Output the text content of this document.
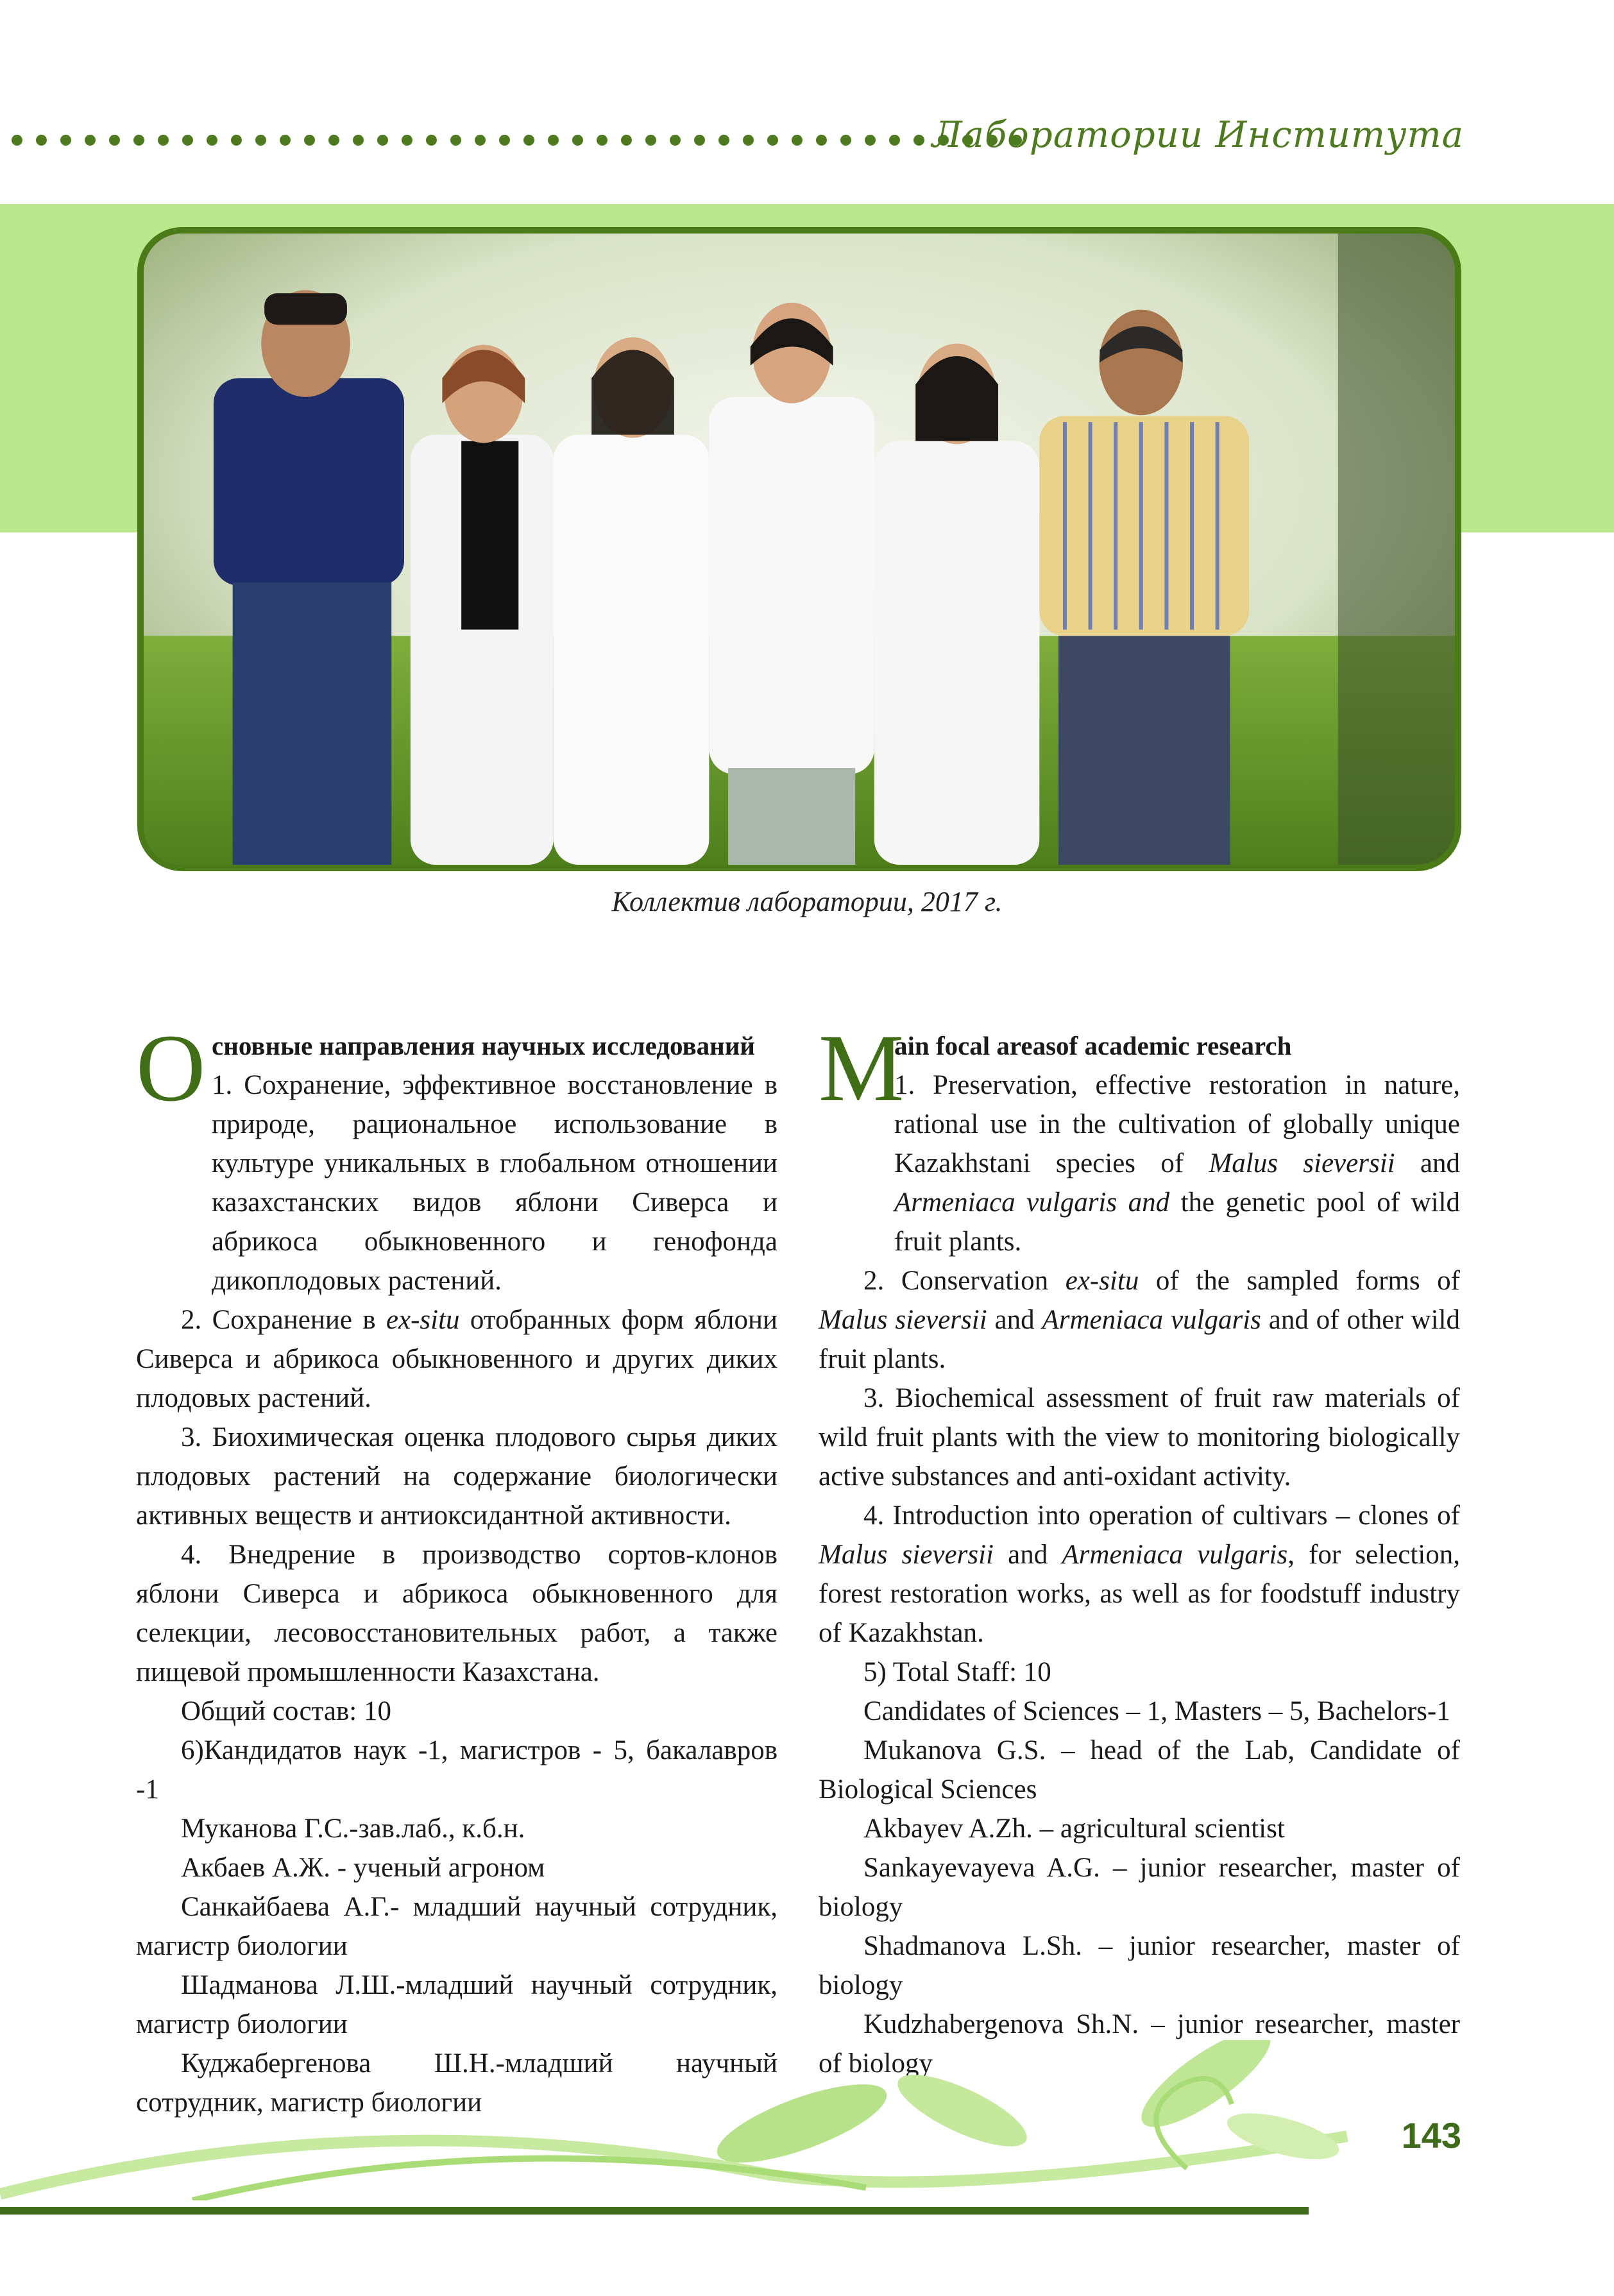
Лаборатории Института
Коллектив лаборатории, 2017 г.
О сновные направления научных исследований

1. Сохранение, эффективное восстановление в природе, рациональное использование в культуре уникальных в глобальном отношении казахстанских видов яблони Сиверса и абрикоса обыкновенного и генофонда дикоплодовых растений.

2. Сохранение в ex-situ отобранных форм яблони Сиверса и абрикоса обыкновенного и других диких плодовых растений.

3. Биохимическая оценка плодового сырья диких плодовых растений на содержание биологически активных веществ и антиоксидантной активности.

4. Внедрение в производство сортов-клонов яблони Сиверса и абрикоса обыкновенного для селекции, лесовосстановительных работ, а также пищевой промышленности Казахстана.

Общий состав: 10

6)Кандидатов наук -1, магистров - 5, бакалавров -1

Муканова Г.С.-зав.лаб., к.б.н.

Акбаев А.Ж. - ученый агроном

Санкайбаева А.Г.- младший научный сотрудник, магистр биологии

Шадманова Л.Ш.-младший научный сотрудник, магистр биологии

Куджабергенова Ш.Н.-младший научный сотрудник, магистр биологии

M
ain focal areasof academic research

1. Preservation, effective restoration in nature, rational use in the cultivation of globally unique Kazakhstani species of Malus sieversii and Armeniaca vulgaris and the genetic pool of wild fruit plants.

2. Conservation ex-situ of the sampled forms of Malus sieversii and Armeniaca vulgaris and of other wild fruit plants.

3. Biochemical assessment of fruit raw materials of wild fruit plants with the view to monitoring biologically active substances and anti-oxidant activity.

4. Introduction into operation of cultivars – clones of Malus sieversii and Armeniaca vulgaris, for selection, forest restoration works, as well as for foodstuff industry of Kazakhstan.

5) Total Staff: 10

Candidates of Sciences – 1, Masters – 5, Bachelors-1

Mukanova G.S. – head of the Lab, Candidate of Biological Sciences

Akbayev A.Zh. – agricultural scientist

Sankayevayeva A.G. – junior researcher, master of biology

Shadmanova L.Sh. – junior researcher, master of biology

Kudzhabergenova Sh.N. – junior researcher, master of biology

143
